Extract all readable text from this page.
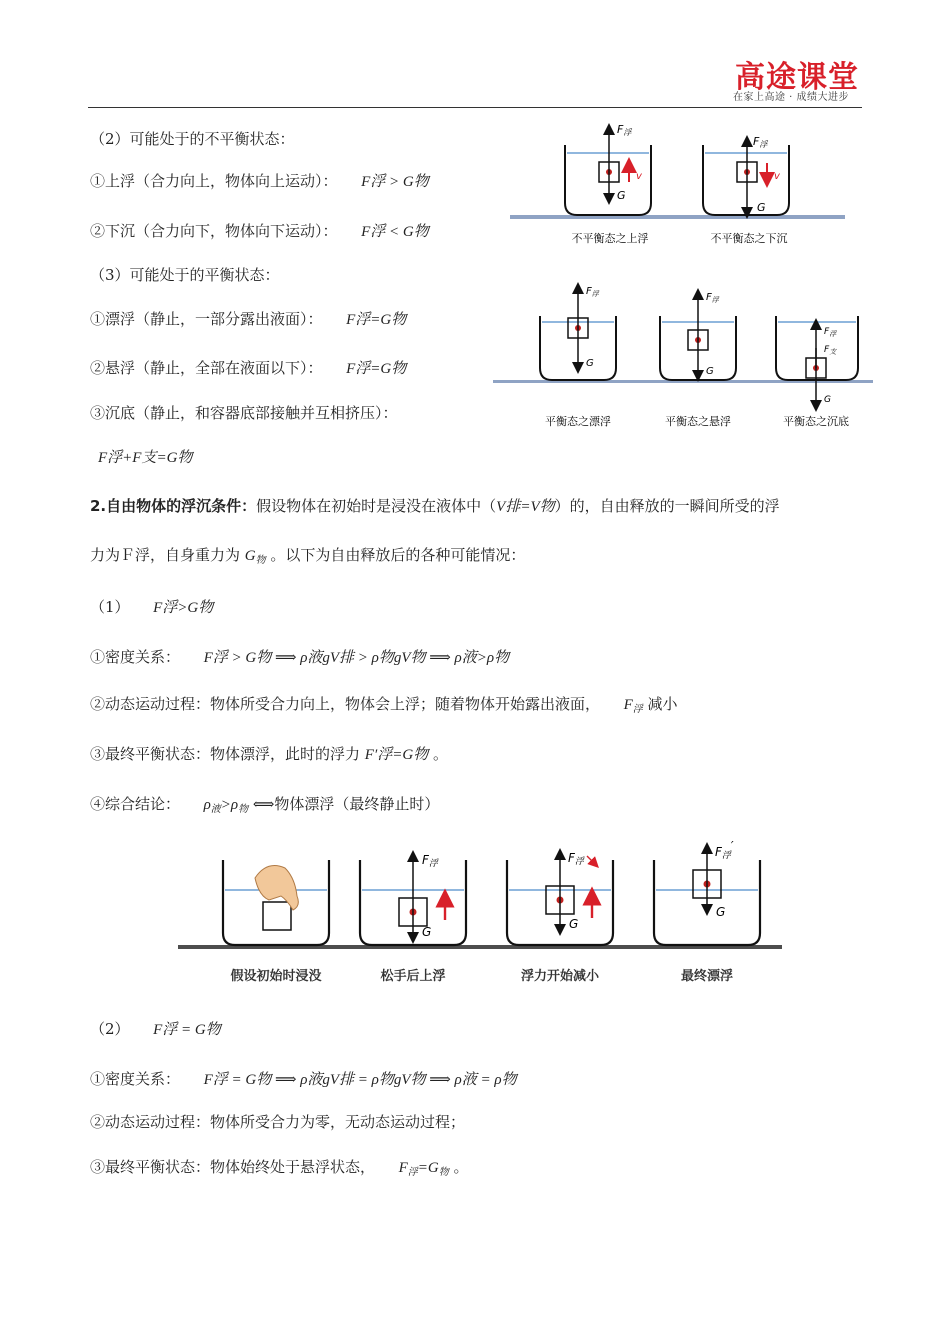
高途课堂
在家上高途 · 成绩大进步
（2）可能处于的不平衡状态：
①上浮（合力向上，物体向上运动）： F浮 > G物
②下沉（合力向下，物体向下运动）： F浮 < G物
（3）可能处于的平衡状态：
①漂浮（静止，一部分露出液面）： F浮=G物
②悬浮（静止，全部在液面以下）： F浮=G物
③沉底（静止，和容器底部接触并互相挤压）：
F浮+F支=G物
F浮
G
v
F浮
G
v
不平衡态之上浮	不平衡态之下沉
$F_浮$
G
$F_浮$
G
$F_浮$
$F_支$
G
平衡态之漂浮	平衡态之悬浮	平衡态之沉底
2.自由物体的浮沉条件：假设物体在初始时是浸没在液体中（V排=V物）的，自由释放的一瞬间所受的浮
力为Ｆ浮，自身重力为 $G_物$ 。以下为自由释放后的各种可能情况：
（1） F浮>G物
①密度关系： F浮 > G物 ⟹ ρ液gV排 > ρ物gV物 ⟹ ρ液>ρ物
②动态运动过程：物体所受合力向上，物体会上浮；随着物体开始露出液面， $F_浮$ 减小
③最终平衡状态：物体漂浮，此时的浮力 F′浮=G物 。
④综合结论： $\rho_液>\rho_物$ ⟺物体漂浮（最终静止时）
F浮
G
F浮
G
F浮′
G
假设初始时浸没	松手后上浮	浮力开始减小	最终漂浮
（2） F浮 = G物
①密度关系： F浮 = G物 ⟹ ρ液gV排 = ρ物gV物 ⟹ ρ液 = ρ物
②动态运动过程：物体所受合力为零，无动态运动过程；
③最终平衡状态：物体始终处于悬浮状态， $F_浮=G_物$ 。
